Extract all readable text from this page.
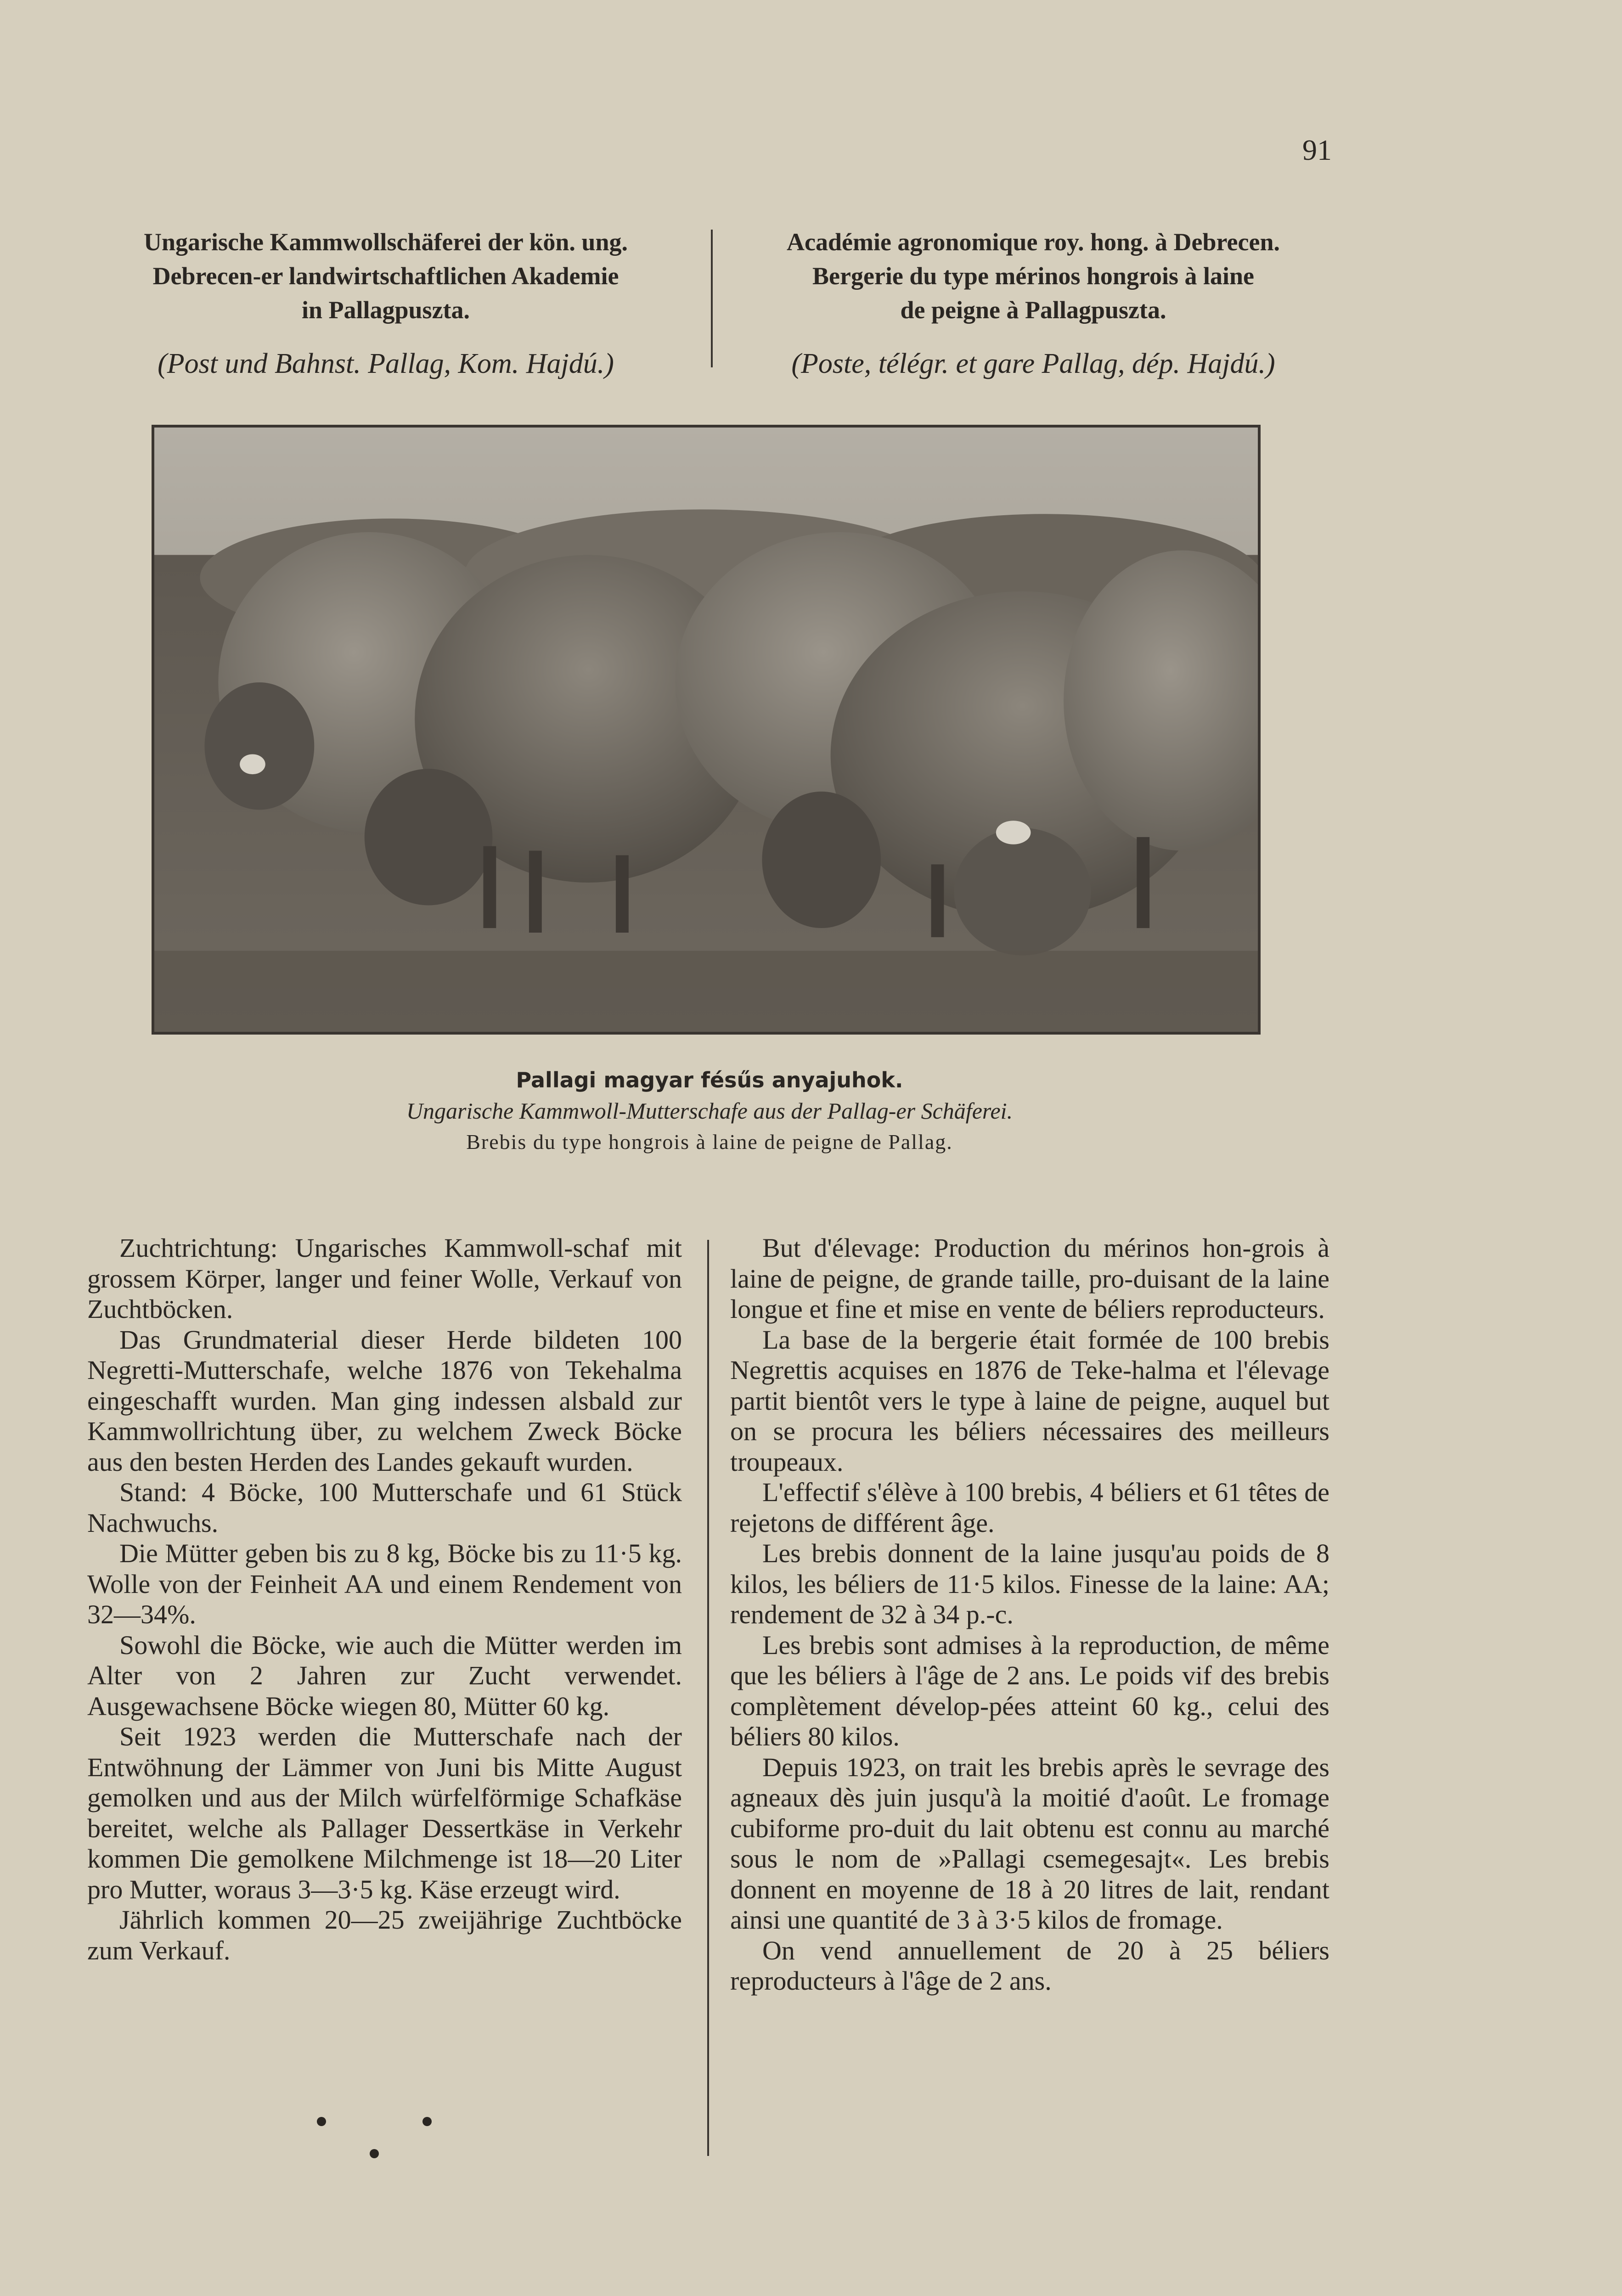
91
Ungarische Kammwollschäferei der kön. ung.
Debrecen-er landwirtschaftlichen Akademie
in Pallagpuszta.
(Post und Bahnst. Pallag, Kom. Hajdú.)
Académie agronomique roy. hong. à Debrecen.
Bergerie du type mérinos hongrois à laine
de peigne à Pallagpuszta.
(Poste, télégr. et gare Pallag, dép. Hajdú.)
Pallagi magyar fésűs anyajuhok.
Ungarische Kammwoll-Mutterschafe aus der Pallag-er Schäferei.
Brebis du type hongrois à laine de peigne de Pallag.

Zuchtrichtung: Ungarisches Kammwoll-schaf mit grossem Körper, langer und feiner Wolle, Verkauf von Zuchtböcken.

Das Grundmaterial dieser Herde bildeten 100 Negretti-Mutterschafe, welche 1876 von Tekehalma eingeschafft wurden. Man ging indessen alsbald zur Kammwollrichtung über, zu welchem Zweck Böcke aus den besten Herden des Landes gekauft wurden.

Stand: 4 Böcke, 100 Mutterschafe und 61 Stück Nachwuchs.

Die Mütter geben bis zu 8 kg, Böcke bis zu 11·5 kg. Wolle von der Feinheit AA und einem Rendement von 32—34%.

Sowohl die Böcke, wie auch die Mütter werden im Alter von 2 Jahren zur Zucht verwendet. Ausgewachsene Böcke wiegen 80, Mütter 60 kg.

Seit 1923 werden die Mutterschafe nach der Entwöhnung der Lämmer von Juni bis Mitte August gemolken und aus der Milch würfelförmige Schafkäse bereitet, welche als Pallager Dessertkäse in Verkehr kommen Die gemolkene Milchmenge ist 18—20 Liter pro Mutter, woraus 3—3·5 kg. Käse erzeugt wird.

Jährlich kommen 20—25 zweijährige Zuchtböcke zum Verkauf.

But d'élevage: Production du mérinos hon-grois à laine de peigne, de grande taille, pro-duisant de la laine longue et fine et mise en vente de béliers reproducteurs.

La base de la bergerie était formée de 100 brebis Negrettis acquises en 1876 de Teke-halma et l'élevage partit bientôt vers le type à laine de peigne, auquel but on se procura les béliers nécessaires des meilleurs troupeaux.

L'effectif s'élève à 100 brebis, 4 béliers et 61 têtes de rejetons de différent âge.

Les brebis donnent de la laine jusqu'au poids de 8 kilos, les béliers de 11·5 kilos. Finesse de la laine: AA; rendement de 32 à 34 p.-c.

Les brebis sont admises à la reproduction, de même que les béliers à l'âge de 2 ans. Le poids vif des brebis complètement dévelop-pées atteint 60 kg., celui des béliers 80 kilos.

Depuis 1923, on trait les brebis après le sevrage des agneaux dès juin jusqu'à la moitié d'août. Le fromage cubiforme pro-duit du lait obtenu est connu au marché sous le nom de »Pallagi csemegesajt«. Les brebis donnent en moyenne de 18 à 20 litres de lait, rendant ainsi une quantité de 3 à 3·5 kilos de fromage.

On vend annuellement de 20 à 25 béliers reproducteurs à l'âge de 2 ans.
